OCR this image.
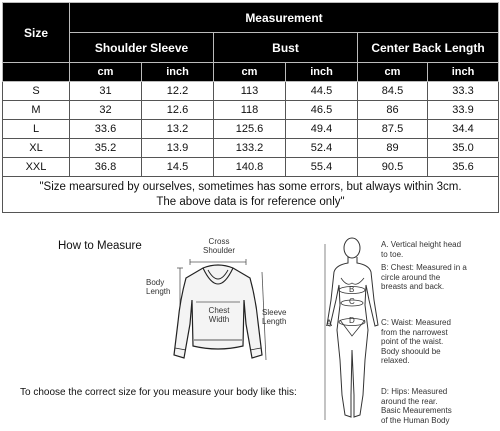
Size	Measurement					
	Shoulder Sleeve		Bust		Center Back Length	
	cm	inch	cm	inch	cm	inch
S	31	12.2	113	44.5	84.5	33.3
M	32	12.6	118	46.5	86	33.9
L	33.6	13.2	125.6	49.4	87.5	34.4
XL	35.2	13.9	133.2	52.4	89	35.0
XXL	36.8	14.5	140.8	55.4	90.5	35.6

"Size mearsured by ourselves, sometimes has some errors, but always within 3cm.
The above data is for reference only"						
How to Measure	Cross
Shoulder
Body
Length
Chest
Width
Sleeve
Length	A
B
C
D
A. Vertical height head
to toe.
B: Chest: Measured in a
circle around the
breasts and back.
C: Waist: Measured
from the narrowest
point of the waist.
Body shoould be
relaxed.
D: Hips: Measured
around the rear.
Basic Meaurements
of the Human Body
To choose the correct size for you measure your body like this:
